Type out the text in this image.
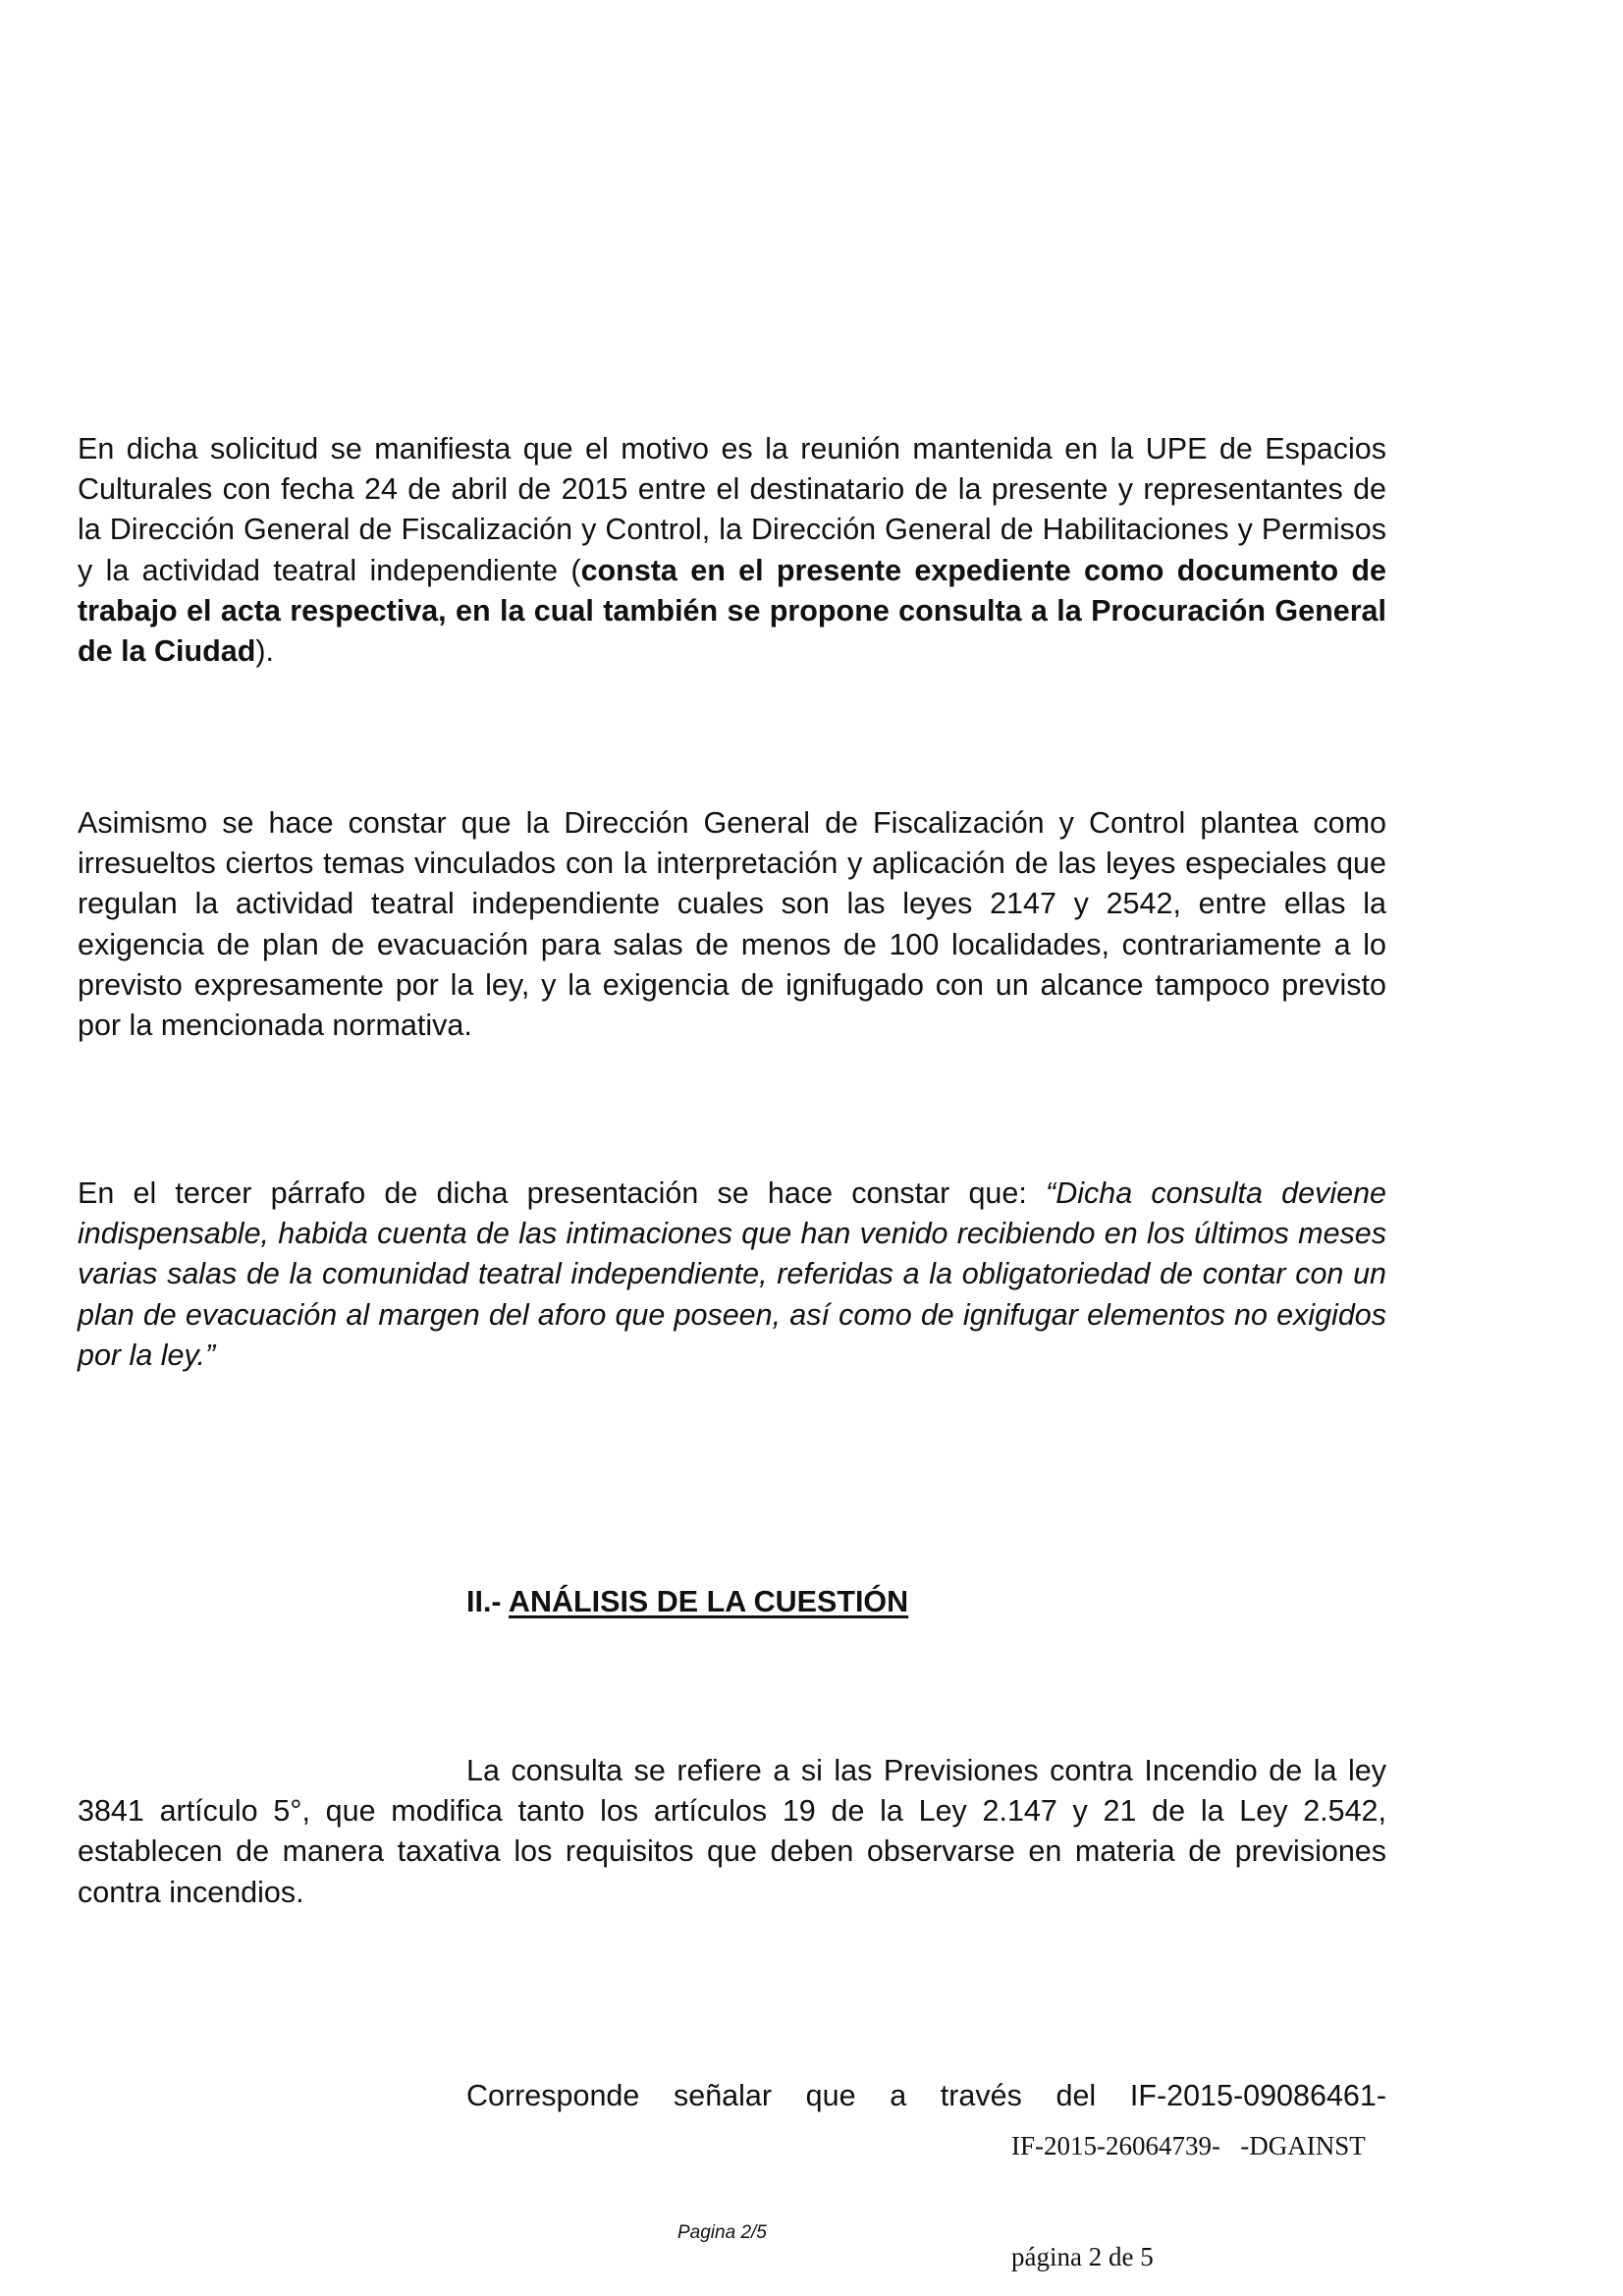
En dicha solicitud se manifiesta que el motivo es la reunión mantenida en la UPE de Espacios Culturales con fecha 24 de abril de 2015 entre el destinatario de la presente y representantes de la Dirección General de Fiscalización y Control, la Dirección General de Habilitaciones y Permisos y la actividad teatral independiente (consta en el presente expediente como documento de trabajo el acta respectiva, en la cual también se propone consulta a la Procuración General de la Ciudad).

Asimismo se hace constar que la Dirección General de Fiscalización y Control plantea como irresueltos ciertos temas vinculados con la interpretación y aplicación de las leyes especiales que regulan la actividad teatral independiente cuales son las leyes 2147 y 2542, entre ellas la exigencia de plan de evacuación para salas de menos de 100 localidades, contrariamente a lo previsto expresamente por la ley, y la exigencia de ignifugado con un alcance tampoco previsto por la mencionada normativa.

En el tercer párrafo de dicha presentación se hace constar que: “Dicha consulta deviene indispensable, habida cuenta de las intimaciones que han venido recibiendo en los últimos meses varias salas de la comunidad teatral independiente, referidas a la obligatoriedad de contar con un plan de evacuación al margen del aforo que poseen, así como de ignifugar elementos no exigidos por la ley.”

II.- ANÁLISIS DE LA CUESTIÓN

La consulta se refiere a si las Previsiones contra Incendio de la ley 3841 artículo 5°, que modifica tanto los artículos 19 de la Ley 2.147 y 21 de la Ley 2.542, establecen de manera taxativa los requisitos que deben observarse en materia de previsiones contra incendios.

Corresponde señalar que a través del IF-2015-09086461-

IF-2015-26064739-   -DGAINST
Pagina 2/5
página 2 de 5
